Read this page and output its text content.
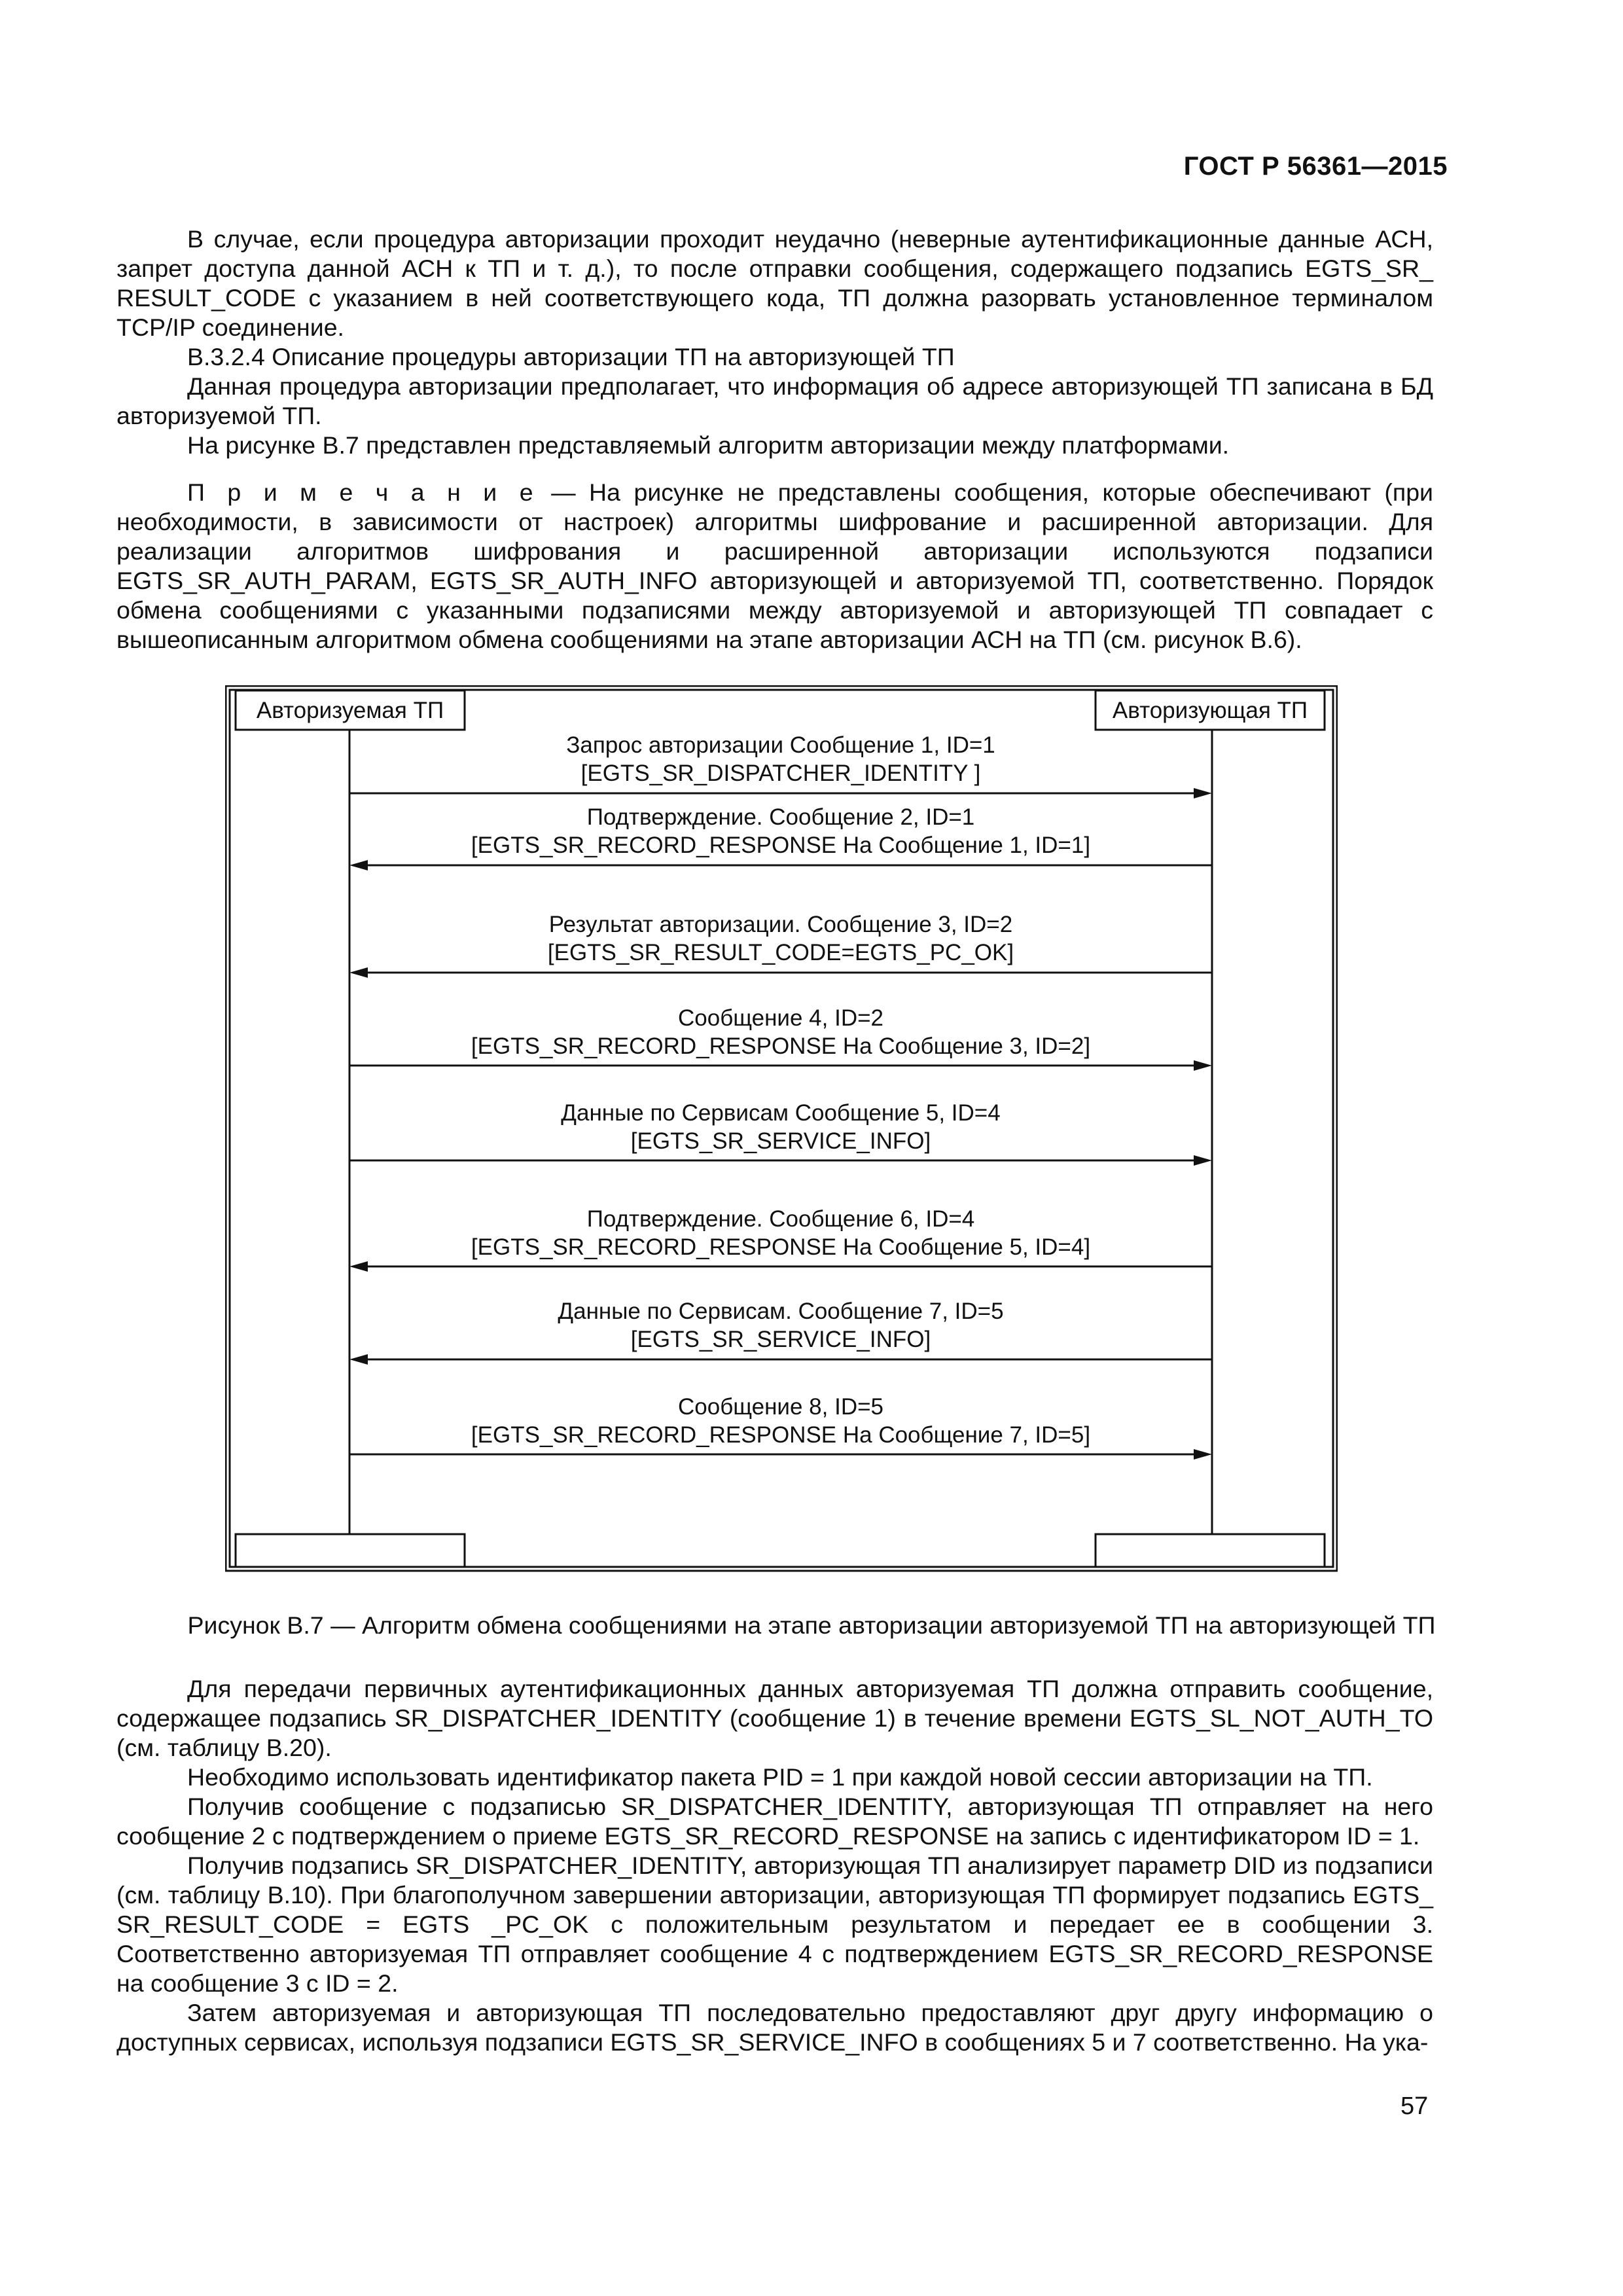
ГОСТ Р 56361—2015

В случае, если процедура авторизации проходит неудачно (неверные аутентификационные данные АСН, запрет доступа данной АСН к ТП и т. д.), то после отправки сообщения, содержащего подзапись EGTS_SR_ RESULT_CODE с указанием в ней соответствующего кода, ТП должна разорвать установленное терминалом TCP/IP соединение.

В.3.2.4 Описание процедуры авторизации ТП на авторизующей ТП

Данная процедура авторизации предполагает, что информация об адресе авторизующей ТП записана в БД авторизуемой ТП.

На рисунке В.7 представлен представляемый алгоритм авторизации между платформами.

П р и м е ч а н и е — На рисунке не представлены сообщения, которые обеспечивают (при необходимости, в зависимости от настроек) алгоритмы шифрование и расширенной авторизации. Для реализации алгоритмов шифрования и расширенной авторизации используются подзаписи EGTS_SR_AUTH_PARAM, EGTS_SR_AUTH_INFO авторизующей и авторизуемой ТП, соответственно. Порядок обмена сообщениями с указанными подзаписями между авторизуемой и авторизующей ТП совпадает с вышеописанным алгоритмом обмена сообщениями на этапе авторизации АСН на ТП (см. рисунок В.6).

Авторизуемая ТП	Авторизующая ТП
Запрос авторизации Сообщение 1, ID=1
[EGTS_SR_DISPATCHER_IDENTITY ]
Подтверждение. Сообщение 2, ID=1
[EGTS_SR_RECORD_RESPONSE На Сообщение 1, ID=1]
Результат авторизации. Сообщение 3, ID=2
[EGTS_SR_RESULT_CODE=EGTS_PC_OK]
Сообщение 4, ID=2
[EGTS_SR_RECORD_RESPONSE На Сообщение 3, ID=2]
Данные по Сервисам Сообщение 5, ID=4
[EGTS_SR_SERVICE_INFO]
Подтверждение. Сообщение 6, ID=4
[EGTS_SR_RECORD_RESPONSE На Сообщение 5, ID=4]
Данные по Сервисам. Сообщение 7, ID=5
[EGTS_SR_SERVICE_INFO]
Сообщение 8, ID=5
[EGTS_SR_RECORD_RESPONSE На Сообщение 7, ID=5]
Рисунок В.7 — Алгоритм обмена сообщениями на этапе авторизации авторизуемой ТП на авторизующей ТП

Для передачи первичных аутентификационных данных авторизуемая ТП должна отправить сообщение, содержащее подзапись SR_DISPATCHER_IDENTITY (сообщение 1) в течение времени EGTS_SL_NOT_AUTH_TO (см. таблицу В.20).

Необходимо использовать идентификатор пакета PID = 1 при каждой новой сессии авторизации на ТП.

Получив сообщение с подзаписью SR_DISPATCHER_IDENTITY, авторизующая ТП отправляет на него сообщение 2 с подтверждением о приеме EGTS_SR_RECORD_RESPONSE на запись с идентификатором ID = 1.

Получив подзапись SR_DISPATCHER_IDENTITY, авторизующая ТП анализирует параметр DID из подзаписи (см. таблицу В.10). При благополучном завершении авторизации, авторизующая ТП формирует подзапись EGTS_ SR_RESULT_CODE = EGTS _PC_OK с положительным результатом и передает ее в сообщении 3. Соответственно авторизуемая ТП отправляет сообщение 4 с подтверждением EGTS_SR_RECORD_RESPONSE на сообщение 3 с ID = 2.

Затем авторизуемая и авторизующая ТП последовательно предоставляют друг другу информацию о доступных сервисах, используя подзаписи EGTS_SR_SERVICE_INFO в сообщениях 5 и 7 соответственно. На ука-

57
